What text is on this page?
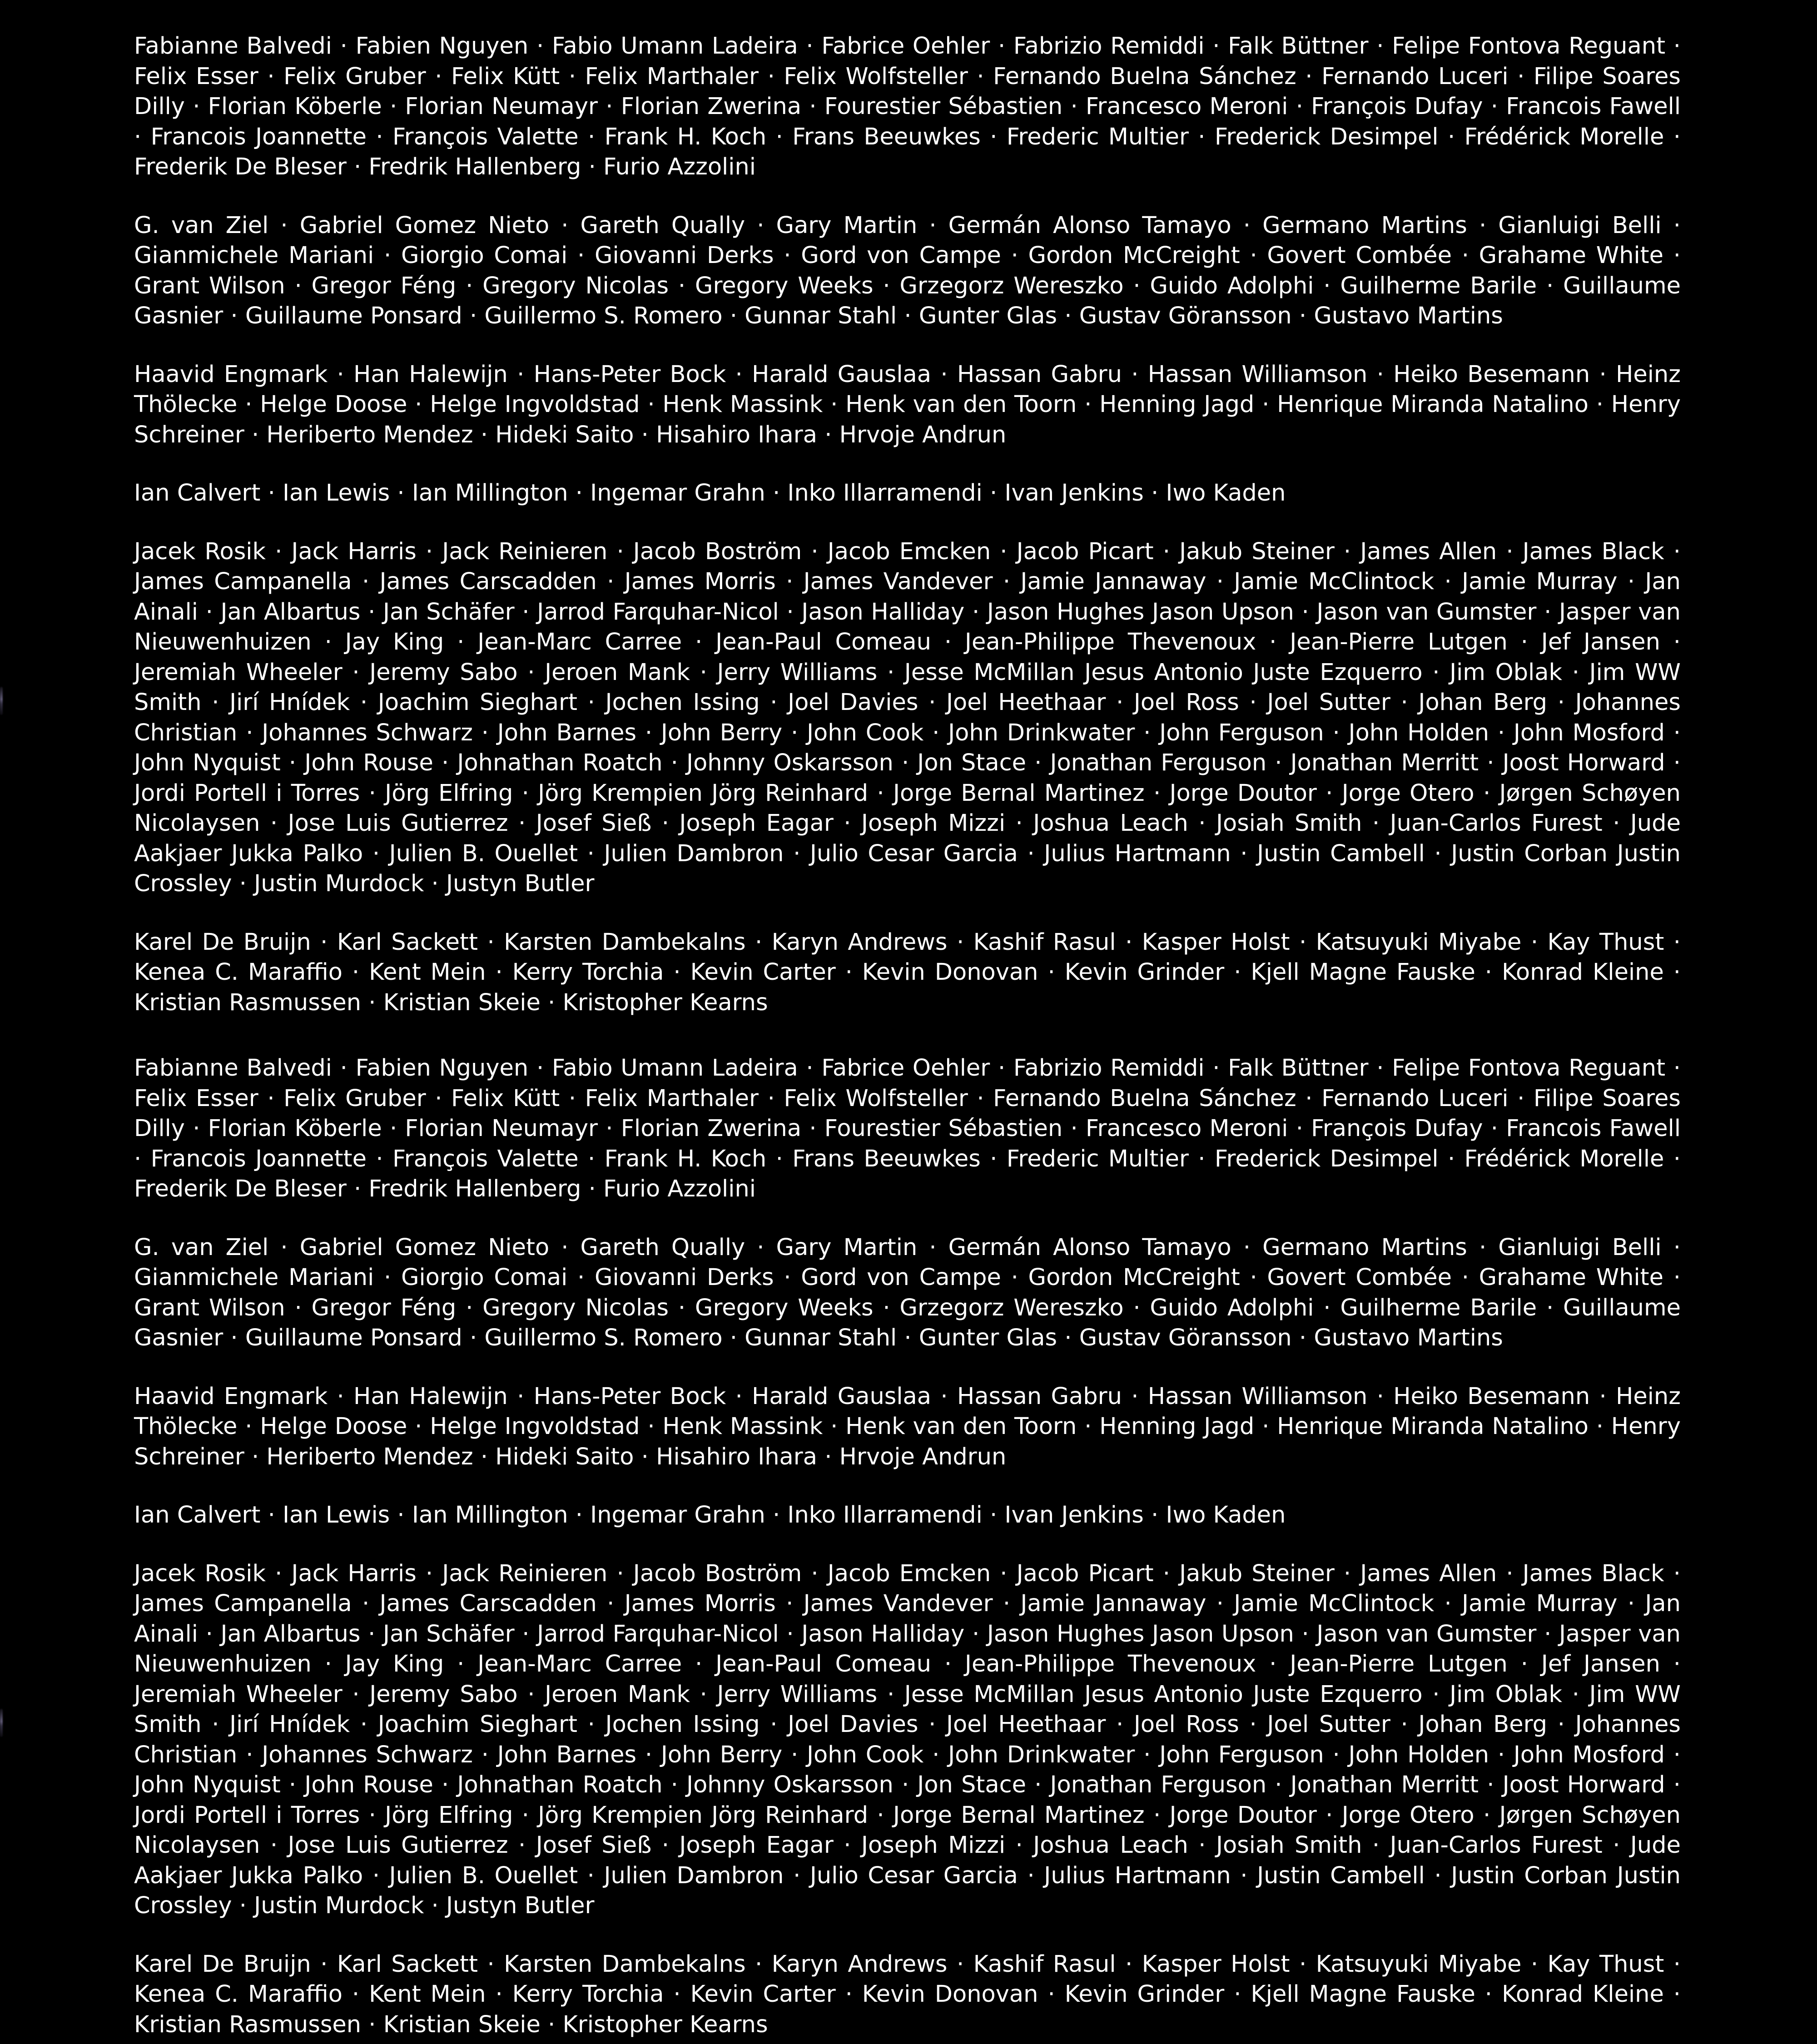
Fabianne Balvedi · Fabien Nguyen · Fabio Umann Ladeira · Fabrice Oehler · Fabrizio Remiddi · Falk Büttner · Felipe Fontova Reguant · Felix Esser · Felix Gruber · Felix Kütt · Felix Marthaler · Felix Wolfsteller · Fernando Buelna Sánchez · Fernando Luceri · Filipe Soares Dilly · Florian Köberle · Florian Neumayr · Florian Zwerina · Fourestier Sébastien · Francesco Meroni · François Dufay · Francois Fawell · Francois Joannette · François Valette · Frank H. Koch · Frans Beeuwkes · Frederic Multier · Frederick Desimpel · Frédérick Morelle · Frederik De Bleser · Fredrik Hallenberg · Furio Azzolini

G. van Ziel · Gabriel Gomez Nieto · Gareth Qually · Gary Martin · Germán Alonso Tamayo · Germano Martins · Gianluigi Belli · Gianmichele Mariani · Giorgio Comai · Giovanni Derks · Gord von Campe · Gordon McCreight · Govert Combée · Grahame White · Grant Wilson · Gregor Féng · Gregory Nicolas · Gregory Weeks · Grzegorz Wereszko · Guido Adolphi · Guilherme Barile · Guillaume Gasnier · Guillaume Ponsard · Guillermo S. Romero · Gunnar Stahl · Gunter Glas · Gustav Göransson · Gustavo Martins

Haavid Engmark · Han Halewijn · Hans-Peter Bock · Harald Gauslaa · Hassan Gabru · Hassan Williamson · Heiko Besemann · Heinz Thölecke · Helge Doose · Helge Ingvoldstad · Henk Massink · Henk van den Toorn · Henning Jagd · Henrique Miranda Natalino · Henry Schreiner · Heriberto Mendez · Hideki Saito · Hisahiro Ihara · Hrvoje Andrun

Ian Calvert · Ian Lewis · Ian Millington · Ingemar Grahn · Inko Illarramendi · Ivan Jenkins · Iwo Kaden

Jacek Rosik · Jack Harris · Jack Reinieren · Jacob Boström · Jacob Emcken · Jacob Picart · Jakub Steiner · James Allen · James Black · James Campanella · James Carscadden · James Morris · James Vandever · Jamie Jannaway · Jamie McClintock · Jamie Murray · Jan Ainali · Jan Albartus · Jan Schäfer · Jarrod Farquhar-Nicol · Jason Halliday · Jason Hughes Jason Upson · Jason van Gumster · Jasper van Nieuwenhuizen · Jay King · Jean-Marc Carree · Jean-Paul Comeau · Jean-Philippe Thevenoux · Jean-Pierre Lutgen · Jef Jansen · Jeremiah Wheeler · Jeremy Sabo · Jeroen Mank · Jerry Williams · Jesse McMillan Jesus Antonio Juste Ezquerro · Jim Oblak · Jim WW Smith · Jirí Hnídek · Joachim Sieghart · Jochen Issing · Joel Davies · Joel Heethaar · Joel Ross · Joel Sutter · Johan Berg · Johannes Christian · Johannes Schwarz · John Barnes · John Berry · John Cook · John Drinkwater · John Ferguson · John Holden · John Mosford · John Nyquist · John Rouse · Johnathan Roatch · Johnny Oskarsson · Jon Stace · Jonathan Ferguson · Jonathan Merritt · Joost Horward · Jordi Portell i Torres · Jörg Elfring · Jörg Krempien Jörg Reinhard · Jorge Bernal Martinez · Jorge Doutor · Jorge Otero · Jørgen Schøyen Nicolaysen · Jose Luis Gutierrez · Josef Sieß · Joseph Eagar · Joseph Mizzi · Joshua Leach · Josiah Smith · Juan-Carlos Furest · Jude Aakjaer Jukka Palko · Julien B. Ouellet · Julien Dambron · Julio Cesar Garcia · Julius Hartmann · Justin Cambell · Justin Corban Justin Crossley · Justin Murdock · Justyn Butler

Karel De Bruijn · Karl Sackett · Karsten Dambekalns · Karyn Andrews · Kashif Rasul · Kasper Holst · Katsuyuki Miyabe · Kay Thust · Kenea C. Maraffio · Kent Mein · Kerry Torchia · Kevin Carter · Kevin Donovan · Kevin Grinder · Kjell Magne Fauske · Konrad Kleine · Kristian Rasmussen · Kristian Skeie · Kristopher Kearns

Fabianne Balvedi · Fabien Nguyen · Fabio Umann Ladeira · Fabrice Oehler · Fabrizio Remiddi · Falk Büttner · Felipe Fontova Reguant · Felix Esser · Felix Gruber · Felix Kütt · Felix Marthaler · Felix Wolfsteller · Fernando Buelna Sánchez · Fernando Luceri · Filipe Soares Dilly · Florian Köberle · Florian Neumayr · Florian Zwerina · Fourestier Sébastien · Francesco Meroni · François Dufay · Francois Fawell · Francois Joannette · François Valette · Frank H. Koch · Frans Beeuwkes · Frederic Multier · Frederick Desimpel · Frédérick Morelle · Frederik De Bleser · Fredrik Hallenberg · Furio Azzolini

G. van Ziel · Gabriel Gomez Nieto · Gareth Qually · Gary Martin · Germán Alonso Tamayo · Germano Martins · Gianluigi Belli · Gianmichele Mariani · Giorgio Comai · Giovanni Derks · Gord von Campe · Gordon McCreight · Govert Combée · Grahame White · Grant Wilson · Gregor Féng · Gregory Nicolas · Gregory Weeks · Grzegorz Wereszko · Guido Adolphi · Guilherme Barile · Guillaume Gasnier · Guillaume Ponsard · Guillermo S. Romero · Gunnar Stahl · Gunter Glas · Gustav Göransson · Gustavo Martins

Haavid Engmark · Han Halewijn · Hans-Peter Bock · Harald Gauslaa · Hassan Gabru · Hassan Williamson · Heiko Besemann · Heinz Thölecke · Helge Doose · Helge Ingvoldstad · Henk Massink · Henk van den Toorn · Henning Jagd · Henrique Miranda Natalino · Henry Schreiner · Heriberto Mendez · Hideki Saito · Hisahiro Ihara · Hrvoje Andrun

Ian Calvert · Ian Lewis · Ian Millington · Ingemar Grahn · Inko Illarramendi · Ivan Jenkins · Iwo Kaden

Jacek Rosik · Jack Harris · Jack Reinieren · Jacob Boström · Jacob Emcken · Jacob Picart · Jakub Steiner · James Allen · James Black · James Campanella · James Carscadden · James Morris · James Vandever · Jamie Jannaway · Jamie McClintock · Jamie Murray · Jan Ainali · Jan Albartus · Jan Schäfer · Jarrod Farquhar-Nicol · Jason Halliday · Jason Hughes Jason Upson · Jason van Gumster · Jasper van Nieuwenhuizen · Jay King · Jean-Marc Carree · Jean-Paul Comeau · Jean-Philippe Thevenoux · Jean-Pierre Lutgen · Jef Jansen · Jeremiah Wheeler · Jeremy Sabo · Jeroen Mank · Jerry Williams · Jesse McMillan Jesus Antonio Juste Ezquerro · Jim Oblak · Jim WW Smith · Jirí Hnídek · Joachim Sieghart · Jochen Issing · Joel Davies · Joel Heethaar · Joel Ross · Joel Sutter · Johan Berg · Johannes Christian · Johannes Schwarz · John Barnes · John Berry · John Cook · John Drinkwater · John Ferguson · John Holden · John Mosford · John Nyquist · John Rouse · Johnathan Roatch · Johnny Oskarsson · Jon Stace · Jonathan Ferguson · Jonathan Merritt · Joost Horward · Jordi Portell i Torres · Jörg Elfring · Jörg Krempien Jörg Reinhard · Jorge Bernal Martinez · Jorge Doutor · Jorge Otero · Jørgen Schøyen Nicolaysen · Jose Luis Gutierrez · Josef Sieß · Joseph Eagar · Joseph Mizzi · Joshua Leach · Josiah Smith · Juan-Carlos Furest · Jude Aakjaer Jukka Palko · Julien B. Ouellet · Julien Dambron · Julio Cesar Garcia · Julius Hartmann · Justin Cambell · Justin Corban Justin Crossley · Justin Murdock · Justyn Butler

Karel De Bruijn · Karl Sackett · Karsten Dambekalns · Karyn Andrews · Kashif Rasul · Kasper Holst · Katsuyuki Miyabe · Kay Thust · Kenea C. Maraffio · Kent Mein · Kerry Torchia · Kevin Carter · Kevin Donovan · Kevin Grinder · Kjell Magne Fauske · Konrad Kleine · Kristian Rasmussen · Kristian Skeie · Kristopher Kearns
